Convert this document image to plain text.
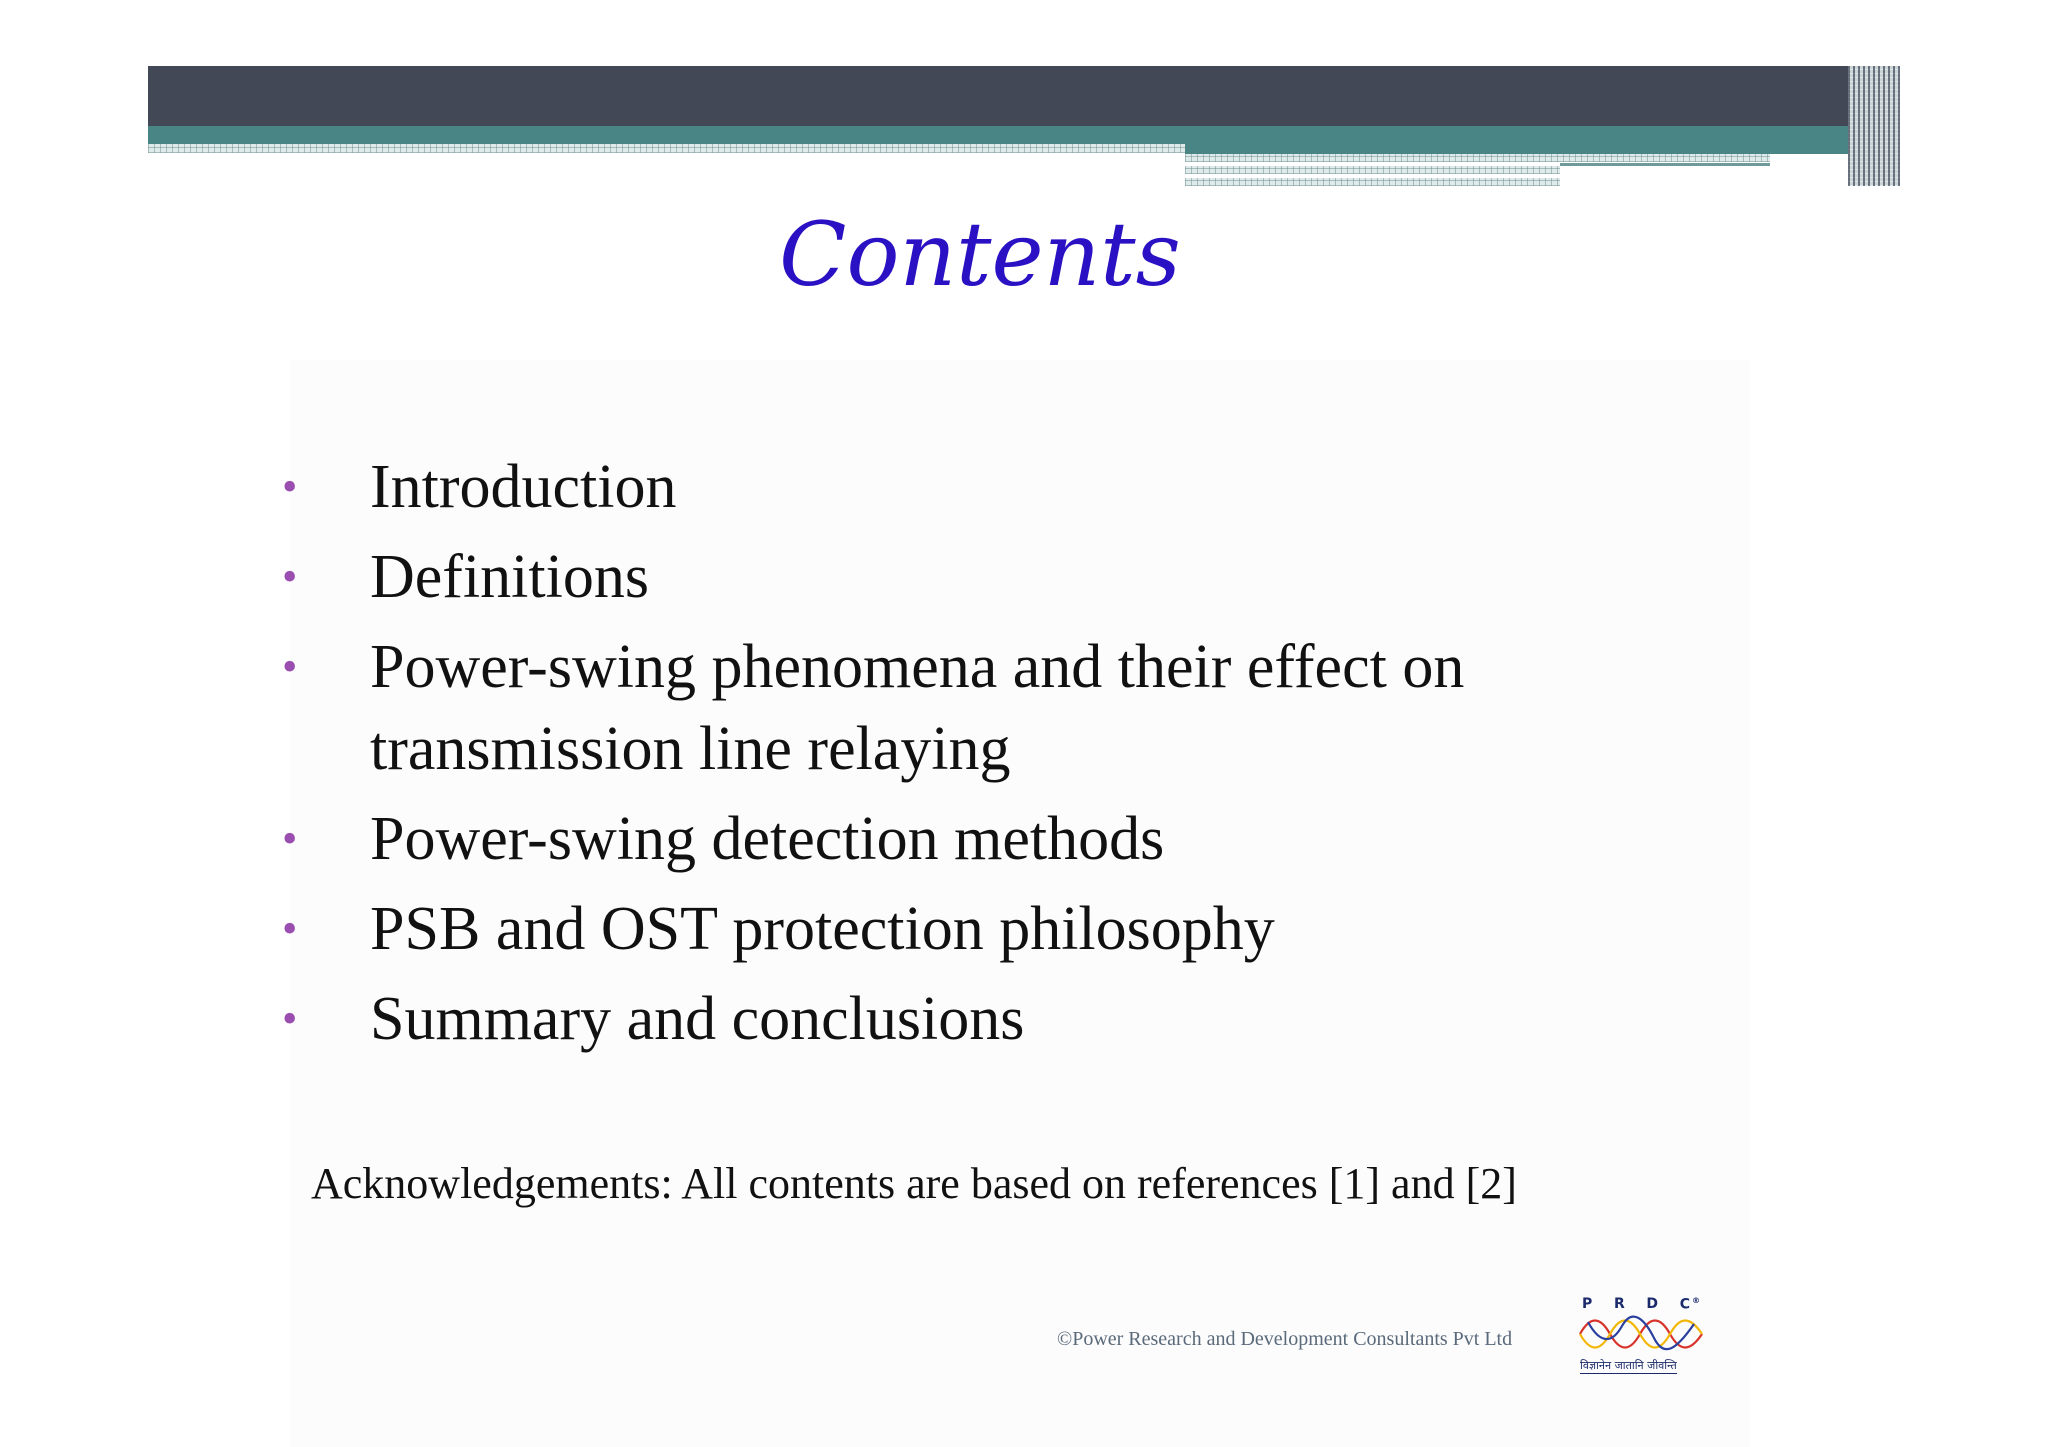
Contents
• Introduction
• Definitions
• Power-swing phenomena and their effect on transmission line relaying
• Power-swing detection methods
• PSB and OST protection philosophy
• Summary and conclusions
Acknowledgements: All contents are based on references [1] and [2]
©Power Research and Development Consultants Pvt Ltd
P R D C®
विज्ञानेन जातानि जीवन्ति
